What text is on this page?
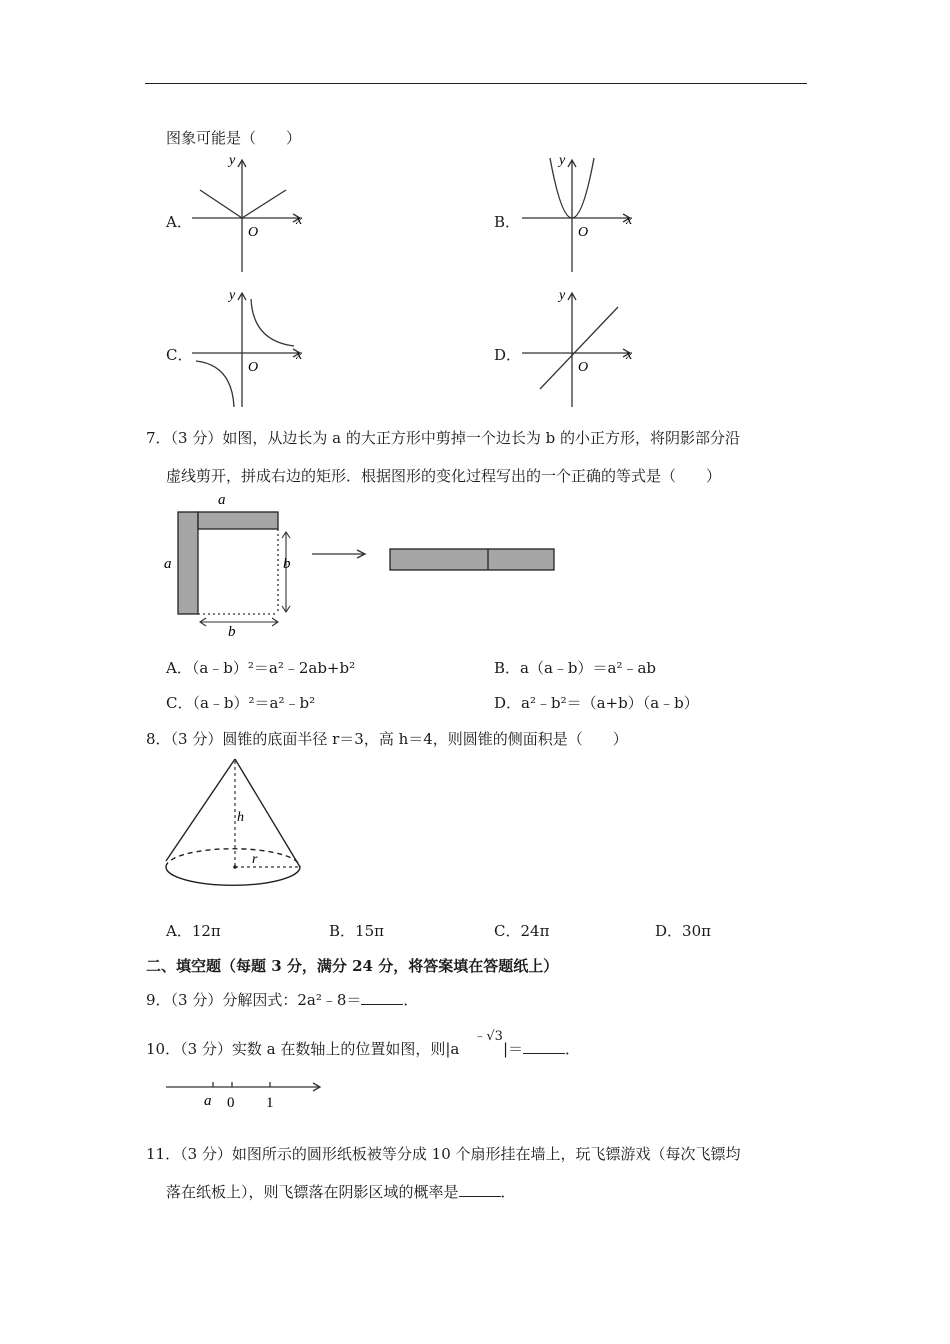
图象可能是（　　）
A．
y
x
O
B．
y
x
O
C．
y
x
O
D．
y
x
O
7．（3 分）如图，从边长为 a 的大正方形中剪掉一个边长为 b 的小正方形，将阴影部分沿
虚线剪开，拼成右边的矩形．根据图形的变化过程写出的一个正确的等式是（　　）
a
a	b
b
A．（a﹣b）²＝a²﹣2ab+b²	B．a（a﹣b）＝a²﹣ab
C．（a﹣b）²＝a²﹣b²	D．a²﹣b²＝（a+b）（a﹣b）
8．（3 分）圆锥的底面半径 r＝3，高 h＝4，则圆锥的侧面积是（　　）
h
r
A．12π	B．15π	C．24π	D．30π
二、填空题（每题 3 分，满分 24 分，将答案填在答题纸上）
9．（3 分）分解因式：2a²﹣8＝	．
10．（3 分）实数 a 在数轴上的位置如图，则|a﹣√3|＝	．
a 0 1
11．（3 分）如图所示的圆形纸板被等分成 10 个扇形挂在墙上，玩飞镖游戏（每次飞镖均
落在纸板上），则飞镖落在阴影区域的概率是	．
